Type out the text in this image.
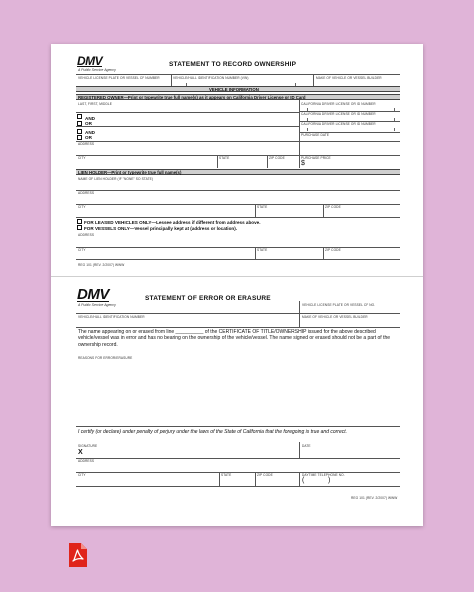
DMV
A Public Service Agency
STATEMENT TO RECORD OWNERSHIP
VEHICLE LICENSE PLATE OR VESSEL CF NUMBER	VEHICLE/HULL IDENTIFICATION NUMBER (VIN)	MAKE OF VEHICLE OR VESSEL BUILDER
VEHICLE INFORMATION
REGISTERED OWNER—Print or typewrite true full name(s) as it appears on California Driver License or ID Card
LAST, FIRST, MIDDLE	CALIFORNIA DRIVER LICENSE OR ID NUMBER
CALIFORNIA DRIVER LICENSE OR ID NUMBER
CALIFORNIA DRIVER LICENSE OR ID NUMBER
PURCHASE DATE
AND
OR
AND
OR
ADDRESS
CITY	STATE	ZIP CODE	PURCHASE PRICE
$
LIEN HOLDER—Print or typewrite true full name(s)
NAME OF LIEN HOLDER (IF "NONE" SO STATE)
ADDRESS
CITY	STATE	ZIP CODE
FOR LEASED VEHICLES ONLY—Lessee address if different from address above.
FOR VESSELS ONLY—Vessel principally kept at (address or location).
ADDRESS
CITY	STATE	ZIP CODE
REG 101 (REV. 2/2007) WWW
DMV
A Public Service Agency
STATEMENT OF ERROR OR ERASURE
VEHICLE LICENSE PLATE OR VESSEL CF NO.
VEHICLE/HULL IDENTIFICATION NUMBER	MAKE OF VEHICLE OR VESSEL BUILDER
The name appearing on or erased from line __________ of the CERTIFICATE OF TITLE/OWNERSHIP issued for the above described vehicle/vessel was in error and has no bearing on the ownership of the vehicle/vessel. The name signed or erased should not be a part of the ownership record.
REASONS FOR ERROR/ERASURE
I certify (or declare) under penalty of perjury under the laws of the State of California that the foregoing is true and correct.
SIGNATURE	DATE
X
ADDRESS
CITY	STATE	ZIP CODE	DAYTIME TELEPHONE NO.
(	)
REG 101 (REV. 2/2007) WWW
